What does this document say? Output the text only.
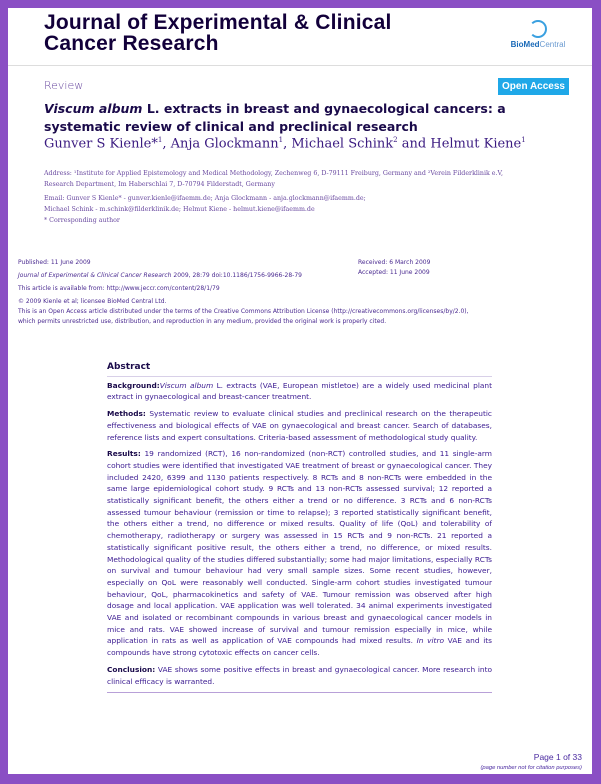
Journal of Experimental & Clinical
Cancer Research	BioMedCentral
Review	Open Access
Viscum album L. extracts in breast and gynaecological cancers: a systematic review of clinical and preclinical research
Gunver S Kienle*$^1$, Anja Glockmann$^1$, Michael Schink$^2$ and Helmut Kiene$^1$
Address: ¹Institute for Applied Epistemology and Medical Methodology, Zechenweg 6, D-79111 Freiburg, Germany and ²Verein Filderklinik e.V,
Research Department, Im Haberschlai 7, D-70794 Filderstadt, Germany
Email: Gunver S Kienle* - gunver.kienle@ifaemm.de; Anja Glockmann - anja.glockmann@ifaemm.de;
Michael Schink - m.schink@filderklinik.de; Helmut Kiene - helmut.kiene@ifaemm.de
* Corresponding author
Published: 11 June 2009
Journal of Experimental & Clinical Cancer Research 2009, 28:79 doi:10.1186/1756-9966-28-79
This article is available from: http://www.jeccr.com/content/28/1/79
© 2009 Kienle et al; licensee BioMed Central Ltd.
This is an Open Access article distributed under the terms of the Creative Commons Attribution License (http://creativecommons.org/licenses/by/2.0),
which permits unrestricted use, distribution, and reproduction in any medium, provided the original work is properly cited.
Received: 6 March 2009
Accepted: 11 June 2009
Abstract

Background:Viscum album L. extracts (VAE, European mistletoe) are a widely used medicinal plant extract in gynaecological and breast-cancer treatment.

Methods: Systematic review to evaluate clinical studies and preclinical research on the therapeutic effectiveness and biological effects of VAE on gynaecological and breast cancer. Search of databases, reference lists and expert consultations. Criteria-based assessment of methodological study quality.

Results: 19 randomized (RCT), 16 non-randomized (non-RCT) controlled studies, and 11 single-arm cohort studies were identified that investigated VAE treatment of breast or gynaecological cancer. They included 2420, 6399 and 1130 patients respectively. 8 RCTs and 8 non-RCTs were embedded in the same large epidemiological cohort study. 9 RCTs and 13 non-RCTs assessed survival; 12 reported a statistically significant benefit, the others either a trend or no difference. 3 RCTs and 6 non-RCTs assessed tumour behaviour (remission or time to relapse); 3 reported statistically significant benefit, the others either a trend, no difference or mixed results. Quality of life (QoL) and tolerability of chemotherapy, radiotherapy or surgery was assessed in 15 RCTs and 9 non-RCTs. 21 reported a statistically significant positive result, the others either a trend, no difference, or mixed results. Methodological quality of the studies differed substantially; some had major limitations, especially RCTs on survival and tumour behaviour had very small sample sizes. Some recent studies, however, especially on QoL were reasonably well conducted. Single-arm cohort studies investigated tumour behaviour, QoL, pharmacokinetics and safety of VAE. Tumour remission was observed after high dosage and local application. VAE application was well tolerated. 34 animal experiments investigated VAE and isolated or recombinant compounds in various breast and gynaecological cancer models in mice and rats. VAE showed increase of survival and tumour remission especially in mice, while application in rats as well as application of VAE compounds had mixed results. In vitro VAE and its compounds have strong cytotoxic effects on cancer cells.

Conclusion: VAE shows some positive effects in breast and gynaecological cancer. More research into clinical efficacy is warranted.

Page 1 of 33
(page number not for citation purposes)
